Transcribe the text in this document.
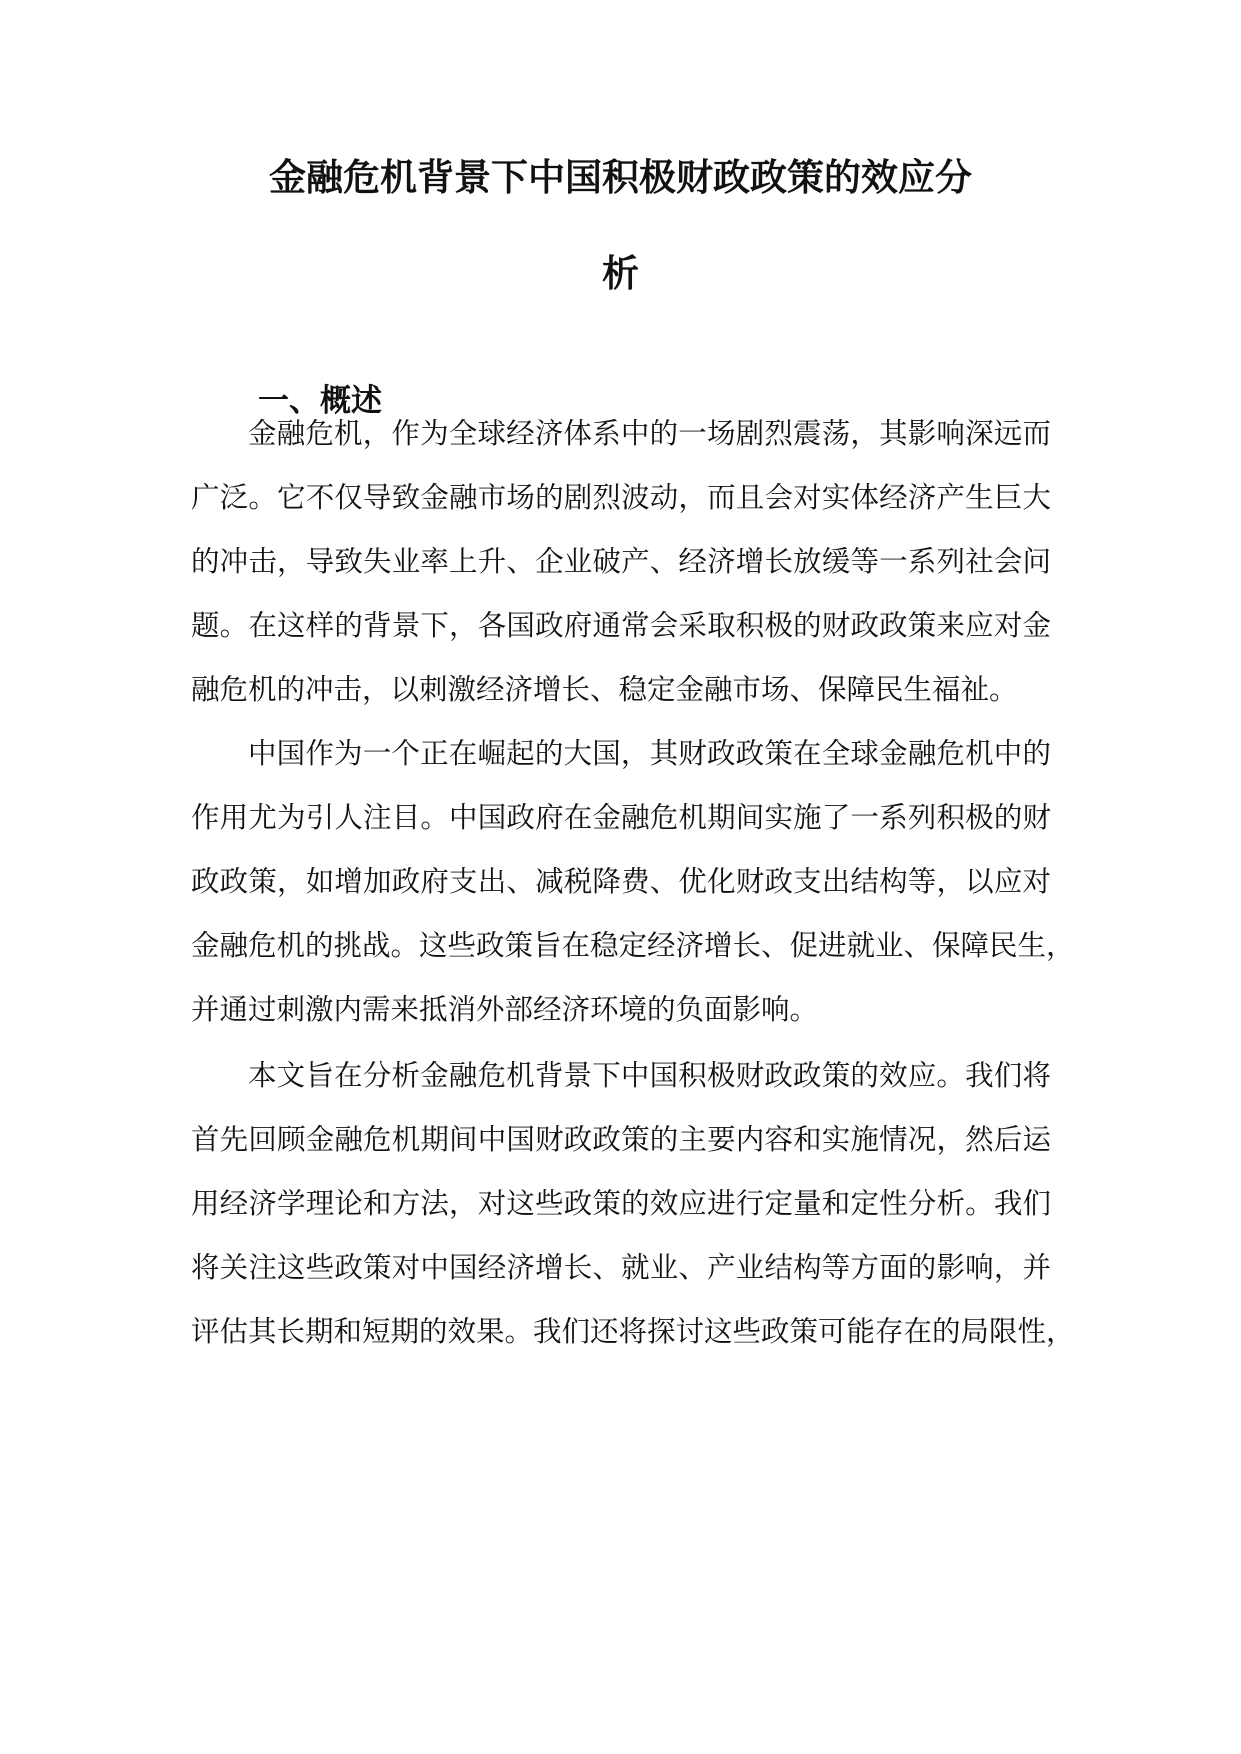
金融危机背景下中国积极财政政策的效应分
析
一、概述
金融危机，作为全球经济体系中的一场剧烈震荡，其影响深远而
广泛。它不仅导致金融市场的剧烈波动，而且会对实体经济产生巨大
的冲击，导致失业率上升、企业破产、经济增长放缓等一系列社会问
题。在这样的背景下，各国政府通常会采取积极的财政政策来应对金
融危机的冲击，以刺激经济增长、稳定金融市场、保障民生福祉。
中国作为一个正在崛起的大国，其财政政策在全球金融危机中的
作用尤为引人注目。中国政府在金融危机期间实施了一系列积极的财
政政策，如增加政府支出、减税降费、优化财政支出结构等，以应对
金融危机的挑战。这些政策旨在稳定经济增长、促进就业、保障民生，
并通过刺激内需来抵消外部经济环境的负面影响。
本文旨在分析金融危机背景下中国积极财政政策的效应。我们将
首先回顾金融危机期间中国财政政策的主要内容和实施情况，然后运
用经济学理论和方法，对这些政策的效应进行定量和定性分析。我们
将关注这些政策对中国经济增长、就业、产业结构等方面的影响，并
评估其长期和短期的效果。我们还将探讨这些政策可能存在的局限性，
